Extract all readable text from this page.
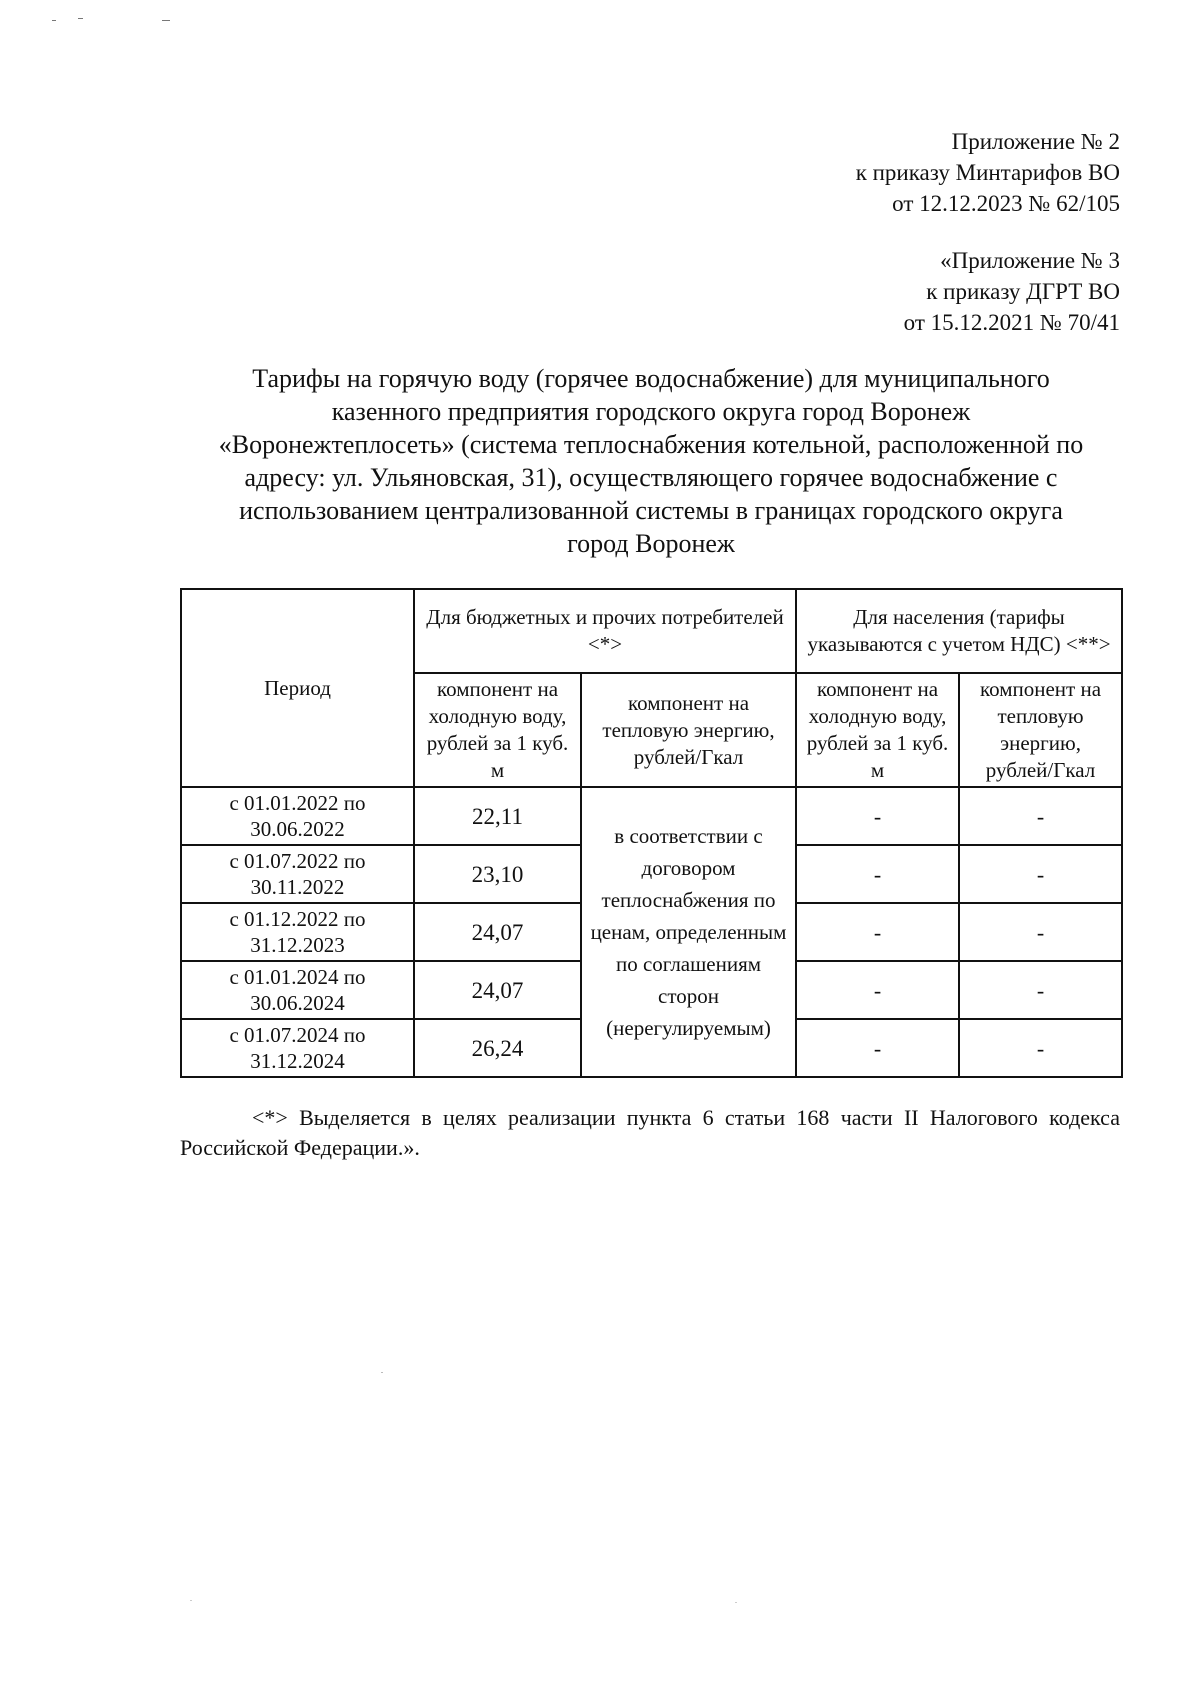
Приложение № 2
к приказу Минтарифов ВО
от 12.12.2023 № 62/105
«Приложение № 3
к приказу ДГРТ ВО
от 15.12.2021 № 70/41
Тарифы на горячую воду (горячее водоснабжение) для муниципального
казенного предприятия городского округа город Воронеж
«Воронежтеплосеть» (система теплоснабжения котельной, расположенной по
адресу: ул. Ульяновская, 31), осуществляющего горячее водоснабжение с
использованием централизованной системы в границах городского округа
город Воронеж
Период	Для бюджетных и прочих потребителей <*>		Для населения (тарифы указываются с учетом НДС) <**>	
	компонент на холодную воду, рублей за 1 куб. м	компонент на тепловую энергию, рублей/Гкал	компонент на холодную воду, рублей за 1 куб. м	компонент на тепловую энергию, рублей/Гкал
с 01.01.2022 по 30.06.2022	22,11	в соответствии с договором теплоснабжения по ценам, определенным по соглашениям сторон (нерегулируемым)	-	-
с 01.07.2022 по 30.11.2022	23,10		-	-
с 01.12.2022 по 31.12.2023	24,07		-	-
с 01.01.2024 по 30.06.2024	24,07		-	-
с 01.07.2024 по 31.12.2024	26,24		-	-
<*> Выделяется в целях реализации пункта 6 статьи 168 части II Налогового кодекса Российской Федерации.».
